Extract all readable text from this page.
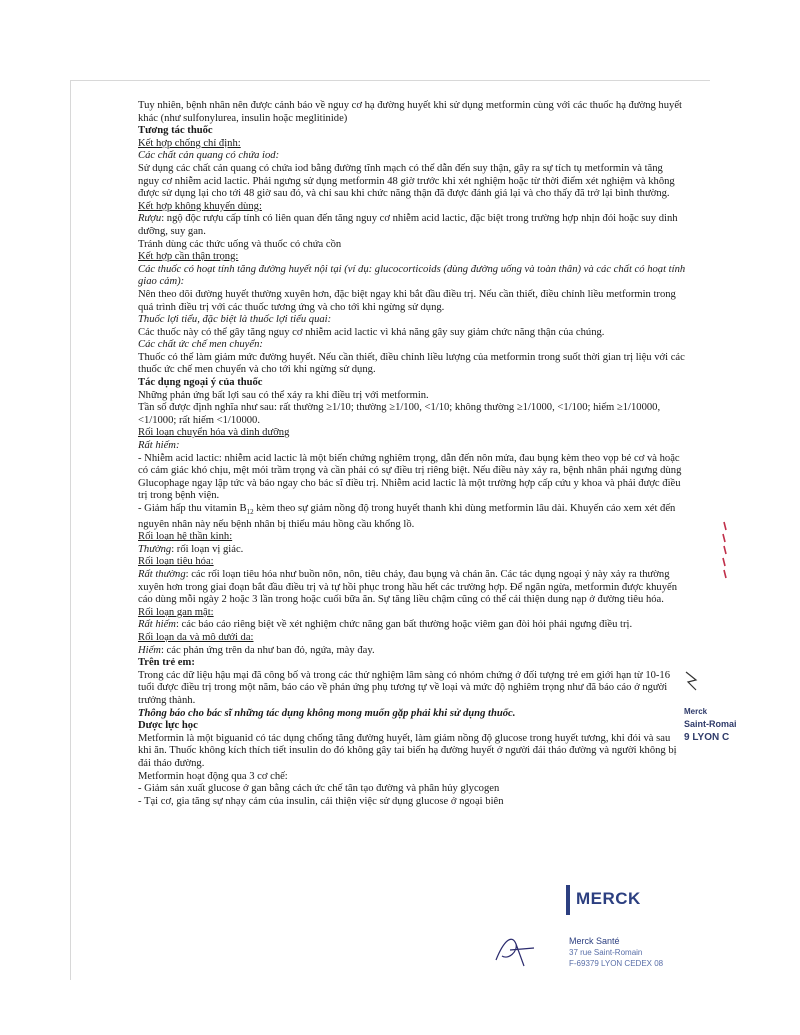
Tuy nhiên, bệnh nhân nên được cảnh báo về nguy cơ hạ đường huyết khi sử dụng metformin cùng với các thuốc hạ đường huyết khác (như sulfonylurea, insulin hoặc meglitinide)

Tương tác thuốc

Kết hợp chống chỉ định:

Các chất cản quang có chứa iod:

Sử dụng các chất cản quang có chứa iod bằng đường tĩnh mạch có thể dẫn đến suy thận, gây ra sự tích tụ metformin và tăng nguy cơ nhiễm acid lactic. Phải ngưng sử dụng metformin 48 giờ trước khi xét nghiệm hoặc từ thời điểm xét nghiệm và không được sử dụng lại cho tới 48 giờ sau đó, và chỉ sau khi chức năng thận đã được đánh giá lại và cho thấy đã trở lại bình thường.

Kết hợp không khuyến dùng:

Rượu: ngộ độc rượu cấp tính có liên quan đến tăng nguy cơ nhiễm acid lactic, đặc biệt trong trường hợp nhịn đói hoặc suy dinh dưỡng, suy gan.

Tránh dùng các thức uống và thuốc có chứa cồn

Kết hợp cần thận trọng:

Các thuốc có hoạt tính tăng đường huyết nội tại (ví dụ: glucocorticoids (dùng đường uống và toàn thân) và các chất có hoạt tính giao cảm):

Nên theo dõi đường huyết thường xuyên hơn, đặc biệt ngay khi bắt đầu điều trị. Nếu cần thiết, điều chỉnh liều metformin trong quá trình điều trị với các thuốc tương ứng và cho tới khi ngừng sử dụng.

Thuốc lợi tiểu, đặc biệt là thuốc lợi tiểu quai:

Các thuốc này có thể gây tăng nguy cơ nhiễm acid lactic vì khả năng gây suy giảm chức năng thận của chúng.

Các chất ức chế men chuyển:

Thuốc có thể làm giảm mức đường huyết. Nếu cần thiết, điều chỉnh liều lượng của metformin trong suốt thời gian trị liệu với các thuốc ức chế men chuyển và cho tới khi ngừng sử dụng.

Tác dụng ngoại ý của thuốc

Những phản ứng bất lợi sau có thể xảy ra khi điều trị với metformin.

Tần số được định nghĩa như sau: rất thường ≥1/10; thường ≥1/100, <1/10; không thường ≥1/1000, <1/100; hiếm ≥1/10000, <1/1000; rất hiếm <1/10000.

Rối loạn chuyển hóa và dinh dưỡng

Rất hiếm:

- Nhiễm acid lactic: nhiễm acid lactic là một biến chứng nghiêm trọng, dẫn đến nôn mửa, đau bụng kèm theo vọp bẻ cơ và hoặc có cảm giác khó chịu, mệt mỏi trầm trọng và cần phải có sự điều trị riêng biệt. Nếu điều này xảy ra, bệnh nhân phải ngưng dùng Glucophage ngay lập tức và báo ngay cho bác sĩ điều trị. Nhiễm acid lactic là một trường hợp cấp cứu y khoa và phải được điều trị trong bệnh viện.

- Giảm hấp thu vitamin $B_{12}$ kèm theo sự giảm nồng độ trong huyết thanh khi dùng metformin lâu dài. Khuyến cáo xem xét đến nguyên nhân này nếu bệnh nhân bị thiếu máu hồng cầu khổng lồ.

Rối loạn hệ thần kinh:

Thường: rối loạn vị giác.

Rối loạn tiêu hóa:

Rất thường: các rối loạn tiêu hóa như buồn nôn, nôn, tiêu chảy, đau bụng và chán ăn. Các tác dụng ngoại ý này xảy ra thường xuyên hơn trong giai đoạn bắt đầu điều trị và tự hồi phục trong hầu hết các trường hợp. Để ngăn ngừa, metformin được khuyến cáo dùng mỗi ngày 2 hoặc 3 lần trong hoặc cuối bữa ăn. Sự tăng liều chậm cũng có thể cải thiện dung nạp ở đường tiêu hóa.

Rối loạn gan mật:

Rất hiếm: các báo cáo riêng biệt về xét nghiệm chức năng gan bất thường hoặc viêm gan đòi hỏi phải ngưng điều trị.

Rối loạn da và mô dưới da:

Hiếm: các phản ứng trên da như ban đỏ, ngứa, mày đay.

Trên trẻ em:

Trong các dữ liệu hậu mại đã công bố và trong các thử nghiệm lâm sàng có nhóm chứng ở đối tượng trẻ em giới hạn từ 10-16 tuổi được điều trị trong một năm, báo cáo về phản ứng phụ tương tự về loại và mức độ nghiêm trọng như đã báo cáo ở người trưởng thành.

Thông báo cho bác sĩ những tác dụng không mong muốn gặp phải khi sử dụng thuốc.

Dược lực học

Metformin là một biguanid có tác dụng chống tăng đường huyết, làm giảm nồng độ glucose trong huyết tương, khi đói và sau khi ăn. Thuốc không kích thích tiết insulin do đó không gây tai biến hạ đường huyết ở người đái tháo đường và người không bị đái tháo đường.

Metformin hoạt động qua 3 cơ chế:

- Giảm sản xuất glucose ở gan bằng cách ức chế tân tạo đường và phân hủy glycogen

- Tại cơ, gia tăng sự nhạy cảm của insulin, cải thiện việc sử dụng glucose ở ngoại biên

Merck
Saint-Romai
9 LYON C
MERCK
Merck Santé
37 rue Saint-Romain
F-69379 LYON CEDEX 08
